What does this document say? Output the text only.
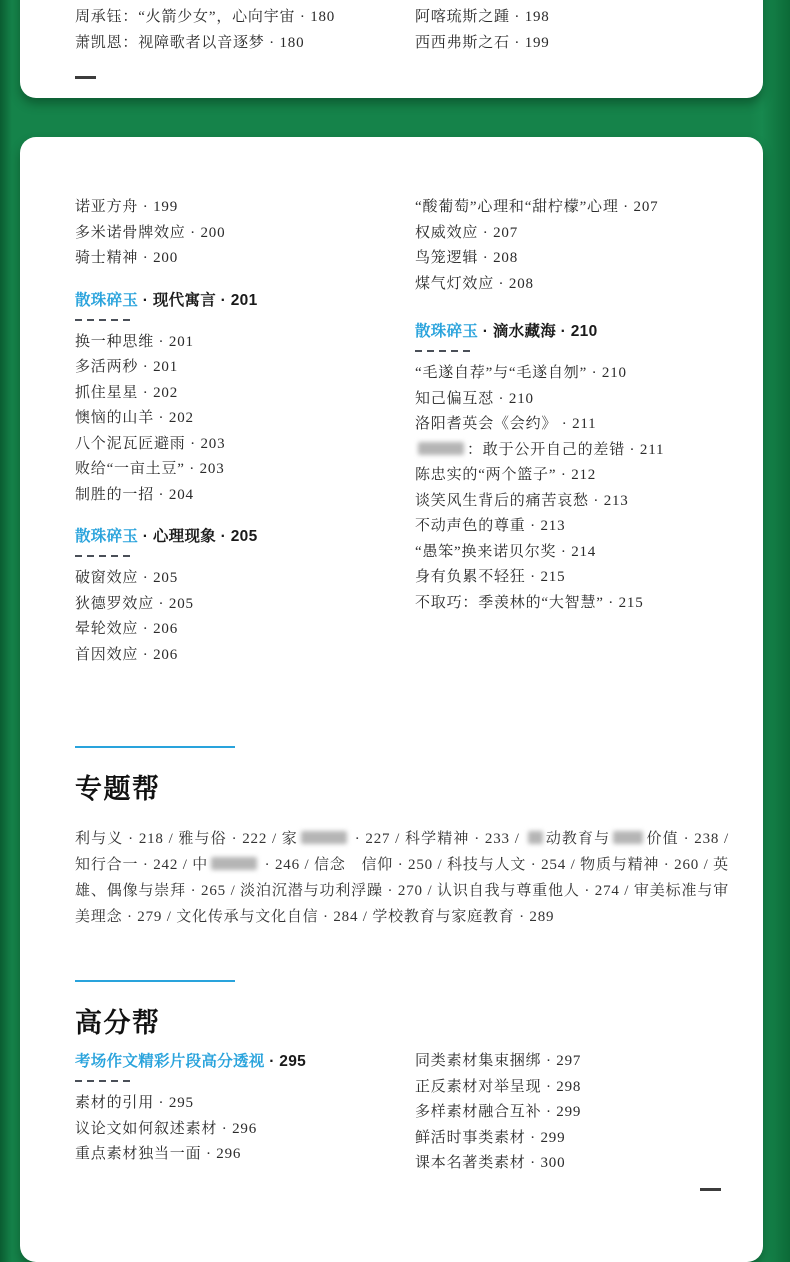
周承钰：“火箭少女”，心向宇宙 · 180
萧凯恩：视障歌者以音逐梦 · 180
阿喀琉斯之踵 · 198
西西弗斯之石 · 199
诺亚方舟 · 199
多米诺骨牌效应 · 200
骑士精神 · 200
散珠碎玉 · 现代寓言 · 201
换一种思维 · 201
多活两秒 · 201
抓住星星 · 202
懊恼的山羊 · 202
八个泥瓦匠避雨 · 203
败给“一亩土豆” · 203
制胜的一招 · 204
散珠碎玉 · 心理现象 · 205
破窗效应 · 205
狄德罗效应 · 205
晕轮效应 · 206
首因效应 · 206
“酸葡萄”心理和“甜柠檬”心理 · 207
权威效应 · 207
鸟笼逻辑 · 208
煤气灯效应 · 208
散珠碎玉 · 滴水藏海 · 210
“毛遂自荐”与“毛遂自刎” · 210
知己偏互怼 · 210
洛阳耆英会《会约》 · 211
：敢于公开自己的差错 · 211
陈忠实的“两个篮子” · 212
谈笑风生背后的痛苦哀愁 · 213
不动声色的尊重 · 213
“愚笨”换来诺贝尔奖 · 214
身有负累不轻狂 · 215
不取巧：季羡林的“大智慧” · 215
专题帮
利与义 · 218 / 雅与俗 · 222 / 家	· 227 / 科学精神 · 233 / 动教育与 价值 · 238 / 知行合一 · 242 / 中	· 246 / 信念　信仰 · 250 / 科技与人文 · 254 / 物质与精神 · 260 / 英雄、偶像与崇拜 · 265 / 淡泊沉潜与功利浮躁 · 270 / 认识自我与尊重他人 · 274 / 审美标准与审美理念 · 279 / 文化传承与文化自信 · 284 / 学校教育与家庭教育 · 289
高分帮
考场作文精彩片段高分透视 · 295
素材的引用 · 295
议论文如何叙述素材 · 296
重点素材独当一面 · 296
同类素材集束捆绑 · 297
正反素材对举呈现 · 298
多样素材融合互补 · 299
鲜活时事类素材 · 299
课本名著类素材 · 300
